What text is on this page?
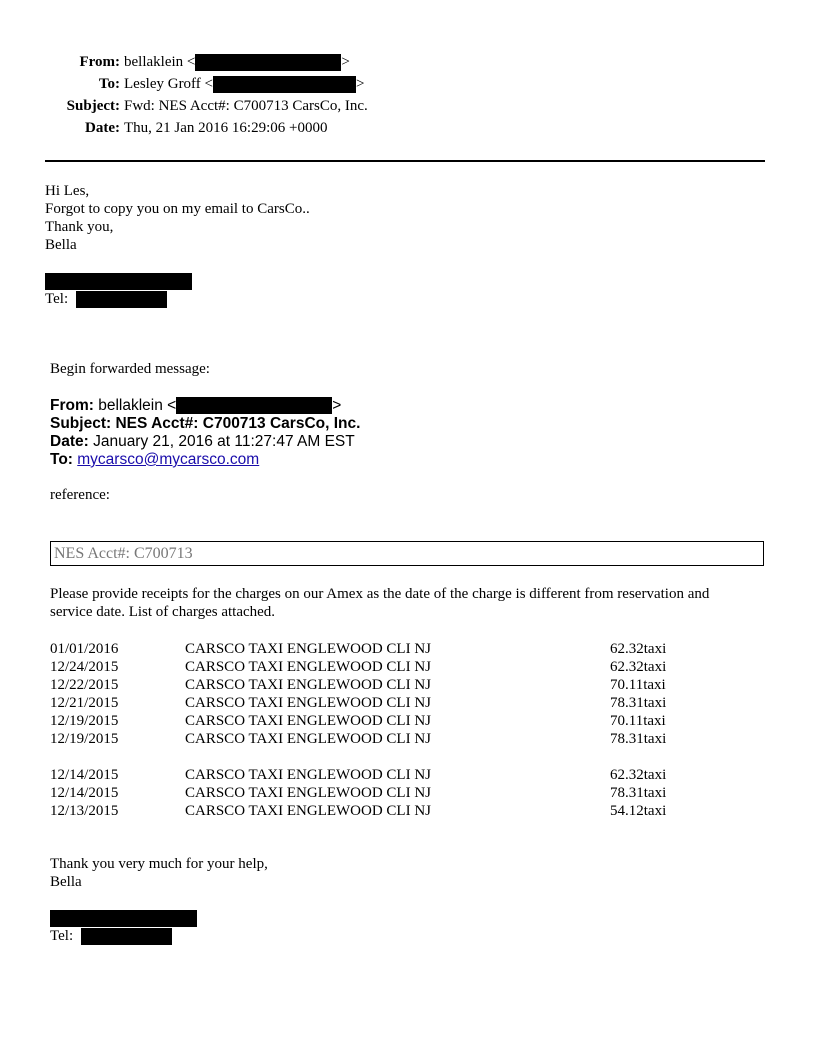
From: bellaklein <	>
To: Lesley Groff <	>
Subject: Fwd: NES Acct#: C700713 CarsCo, Inc.
Date: Thu, 21 Jan 2016 16:29:06 +0000
Hi Les,
Forgot to copy you on my email to CarsCo..
Thank you,
Bella
Tel:
Begin forwarded message:
From: bellaklein <	>
Subject: NES Acct#: C700713 CarsCo, Inc.
Date: January 21, 2016 at 11:27:47 AM EST
To: mycarsco@mycarsco.com
reference:
NES Acct#: C700713
Please provide receipts for the charges on our Amex as the date of the charge is different from reservation and
service date. List of charges attached.
01/01/2016	CARSCO TAXI ENGLEWOOD CLI NJ	62.32taxi
12/24/2015	CARSCO TAXI ENGLEWOOD CLI NJ	62.32taxi
12/22/2015	CARSCO TAXI ENGLEWOOD CLI NJ	70.11taxi
12/21/2015	CARSCO TAXI ENGLEWOOD CLI NJ	78.31taxi
12/19/2015	CARSCO TAXI ENGLEWOOD CLI NJ	70.11taxi
12/19/2015	CARSCO TAXI ENGLEWOOD CLI NJ	78.31taxi
12/14/2015	CARSCO TAXI ENGLEWOOD CLI NJ	62.32taxi
12/14/2015	CARSCO TAXI ENGLEWOOD CLI NJ	78.31taxi
12/13/2015	CARSCO TAXI ENGLEWOOD CLI NJ	54.12taxi
Thank you very much for your help,
Bella
Tel:
